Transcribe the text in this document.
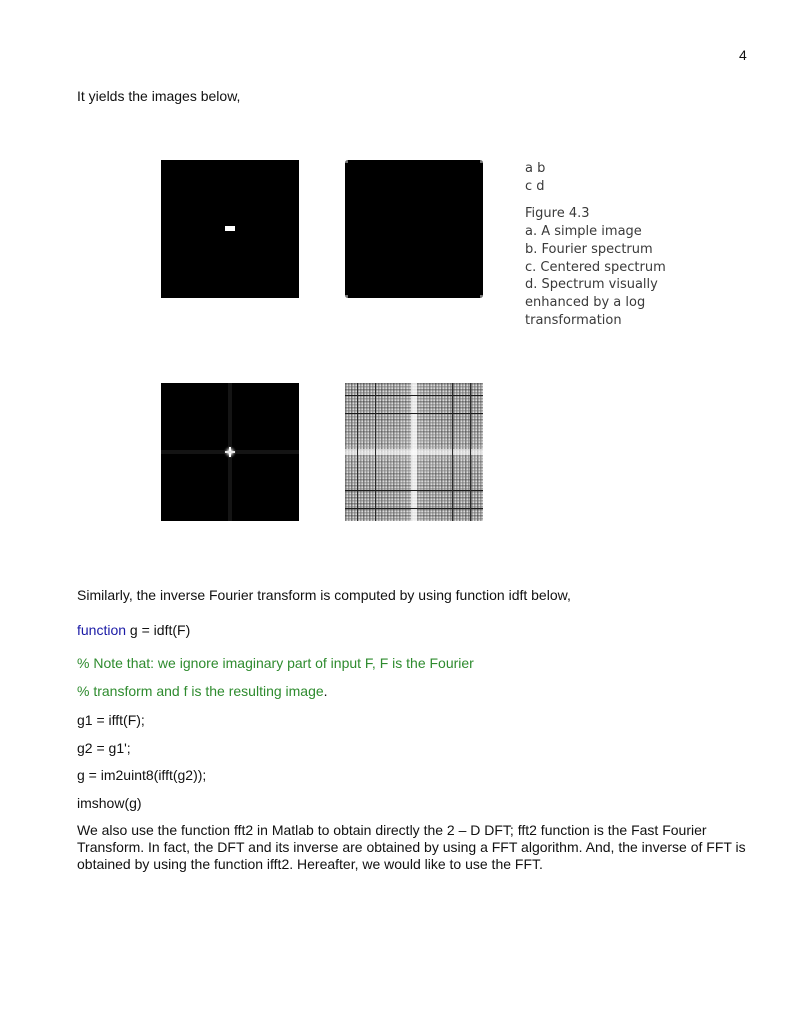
4
It yields the images below,
a b
c d
Figure 4.3
a. A simple image
b. Fourier spectrum
c. Centered spectrum
d. Spectrum visually
enhanced by a log
transformation
Similarly, the inverse Fourier transform is computed by using function idft below,
function g = idft(F)
% Note that: we ignore imaginary part of input F, F is the Fourier
% transform and f is the resulting image.
g1 = ifft(F);
g2 = g1';
g = im2uint8(ifft(g2));
imshow(g)
We also use the function fft2 in Matlab to obtain directly the 2 – D DFT; fft2 function is the Fast Fourier Transform. In fact, the DFT and its inverse are obtained by using a FFT algorithm. And, the inverse of FFT is obtained by using the function ifft2. Hereafter, we would like to use the FFT.
